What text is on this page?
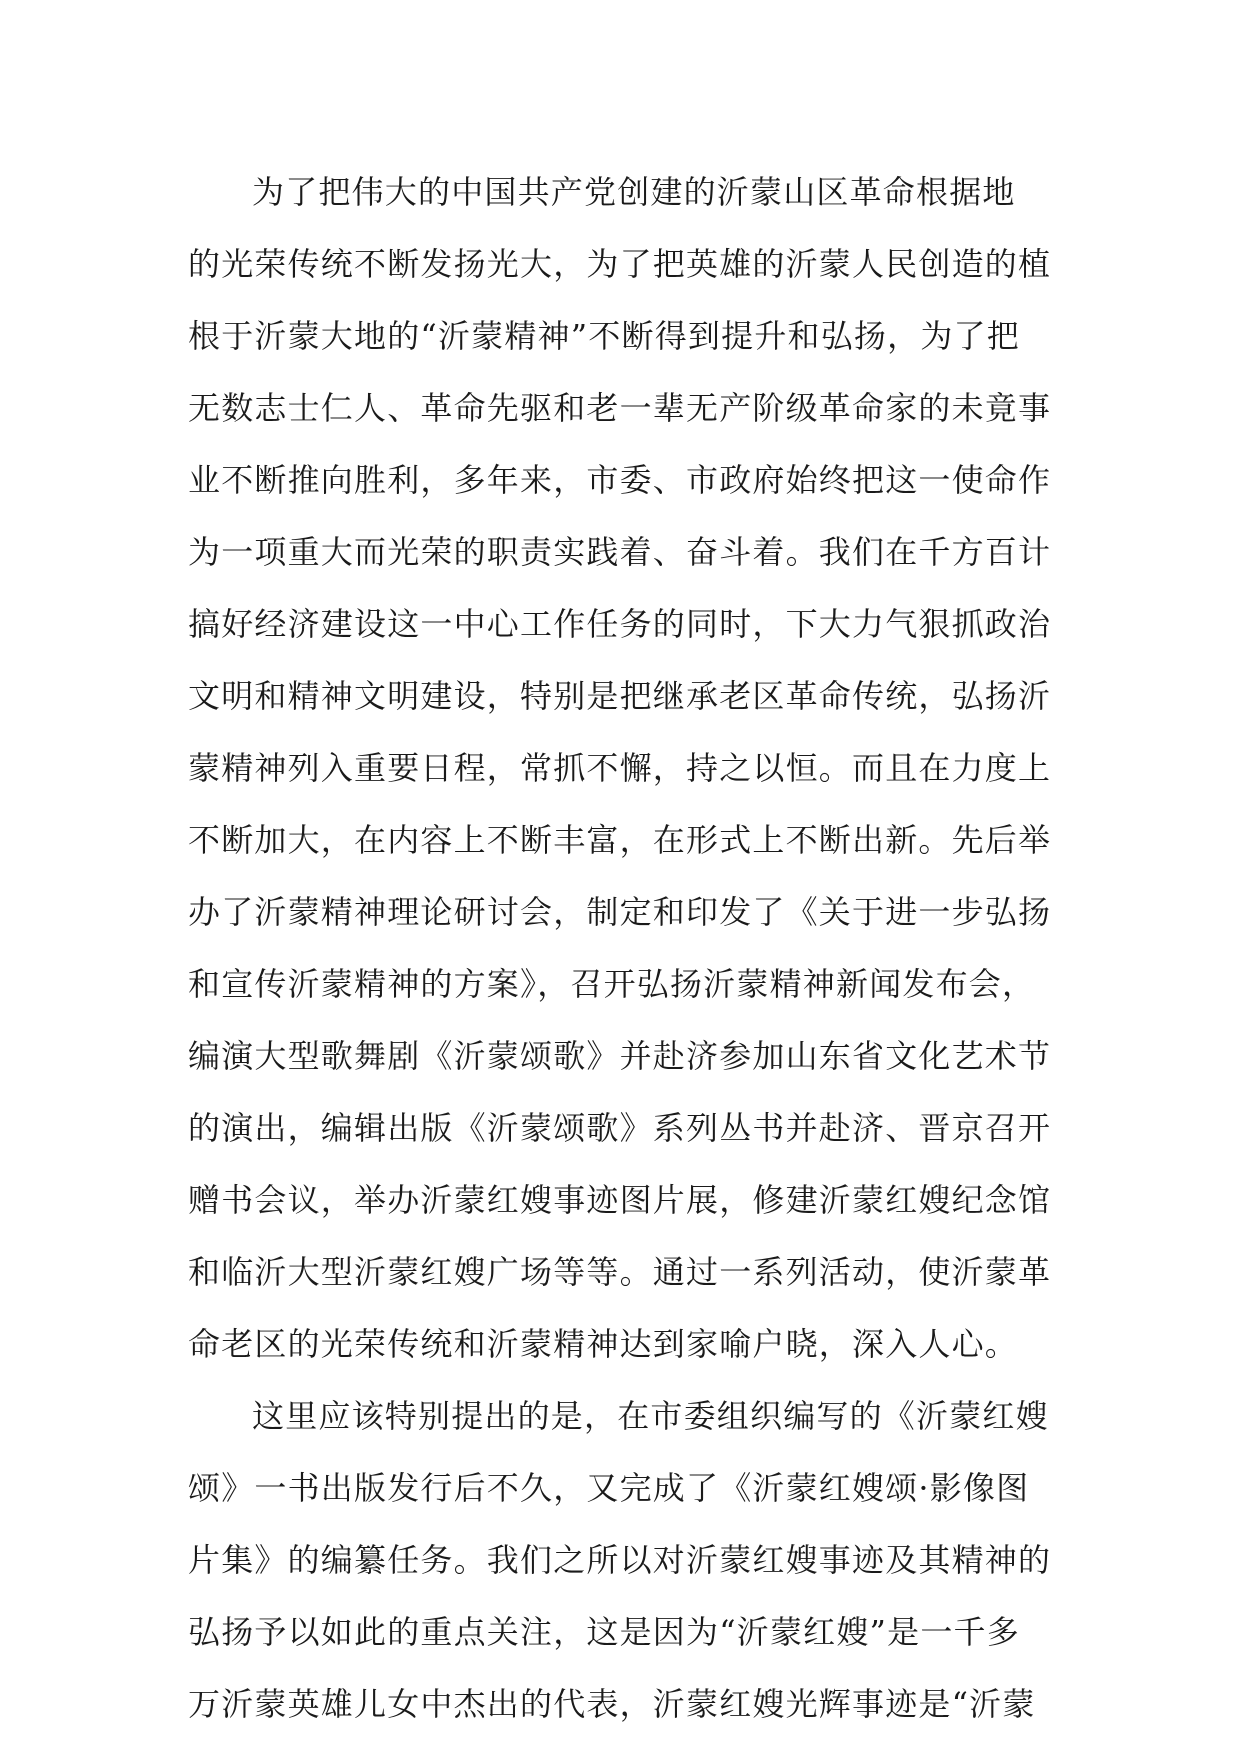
为了把伟大的中国共产党创建的沂蒙山区革命根据地
的光荣传统不断发扬光大，为了把英雄的沂蒙人民创造的植
根于沂蒙大地的“沂蒙精神”不断得到提升和弘扬，为了把
无数志士仁人、革命先驱和老一辈无产阶级革命家的未竟事
业不断推向胜利，多年来，市委、市政府始终把这一使命作
为一项重大而光荣的职责实践着、奋斗着。我们在千方百计
搞好经济建设这一中心工作任务的同时，下大力气狠抓政治
文明和精神文明建设，特别是把继承老区革命传统，弘扬沂
蒙精神列入重要日程，常抓不懈，持之以恒。而且在力度上
不断加大，在内容上不断丰富，在形式上不断出新。先后举
办了沂蒙精神理论研讨会，制定和印发了《关于进一步弘扬
和宣传沂蒙精神的方案》，召开弘扬沂蒙精神新闻发布会，
编演大型歌舞剧《沂蒙颂歌》并赴济参加山东省文化艺术节
的演出，编辑出版《沂蒙颂歌》系列丛书并赴济、晋京召开
赠书会议，举办沂蒙红嫂事迹图片展，修建沂蒙红嫂纪念馆
和临沂大型沂蒙红嫂广场等等。通过一系列活动，使沂蒙革
命老区的光荣传统和沂蒙精神达到家喻户晓，深入人心。
这里应该特别提出的是，在市委组织编写的《沂蒙红嫂
颂》一书出版发行后不久，又完成了《沂蒙红嫂颂·影像图
片集》的编纂任务。我们之所以对沂蒙红嫂事迹及其精神的
弘扬予以如此的重点关注，这是因为“沂蒙红嫂”是一千多
万沂蒙英雄儿女中杰出的代表，沂蒙红嫂光辉事迹是“沂蒙
